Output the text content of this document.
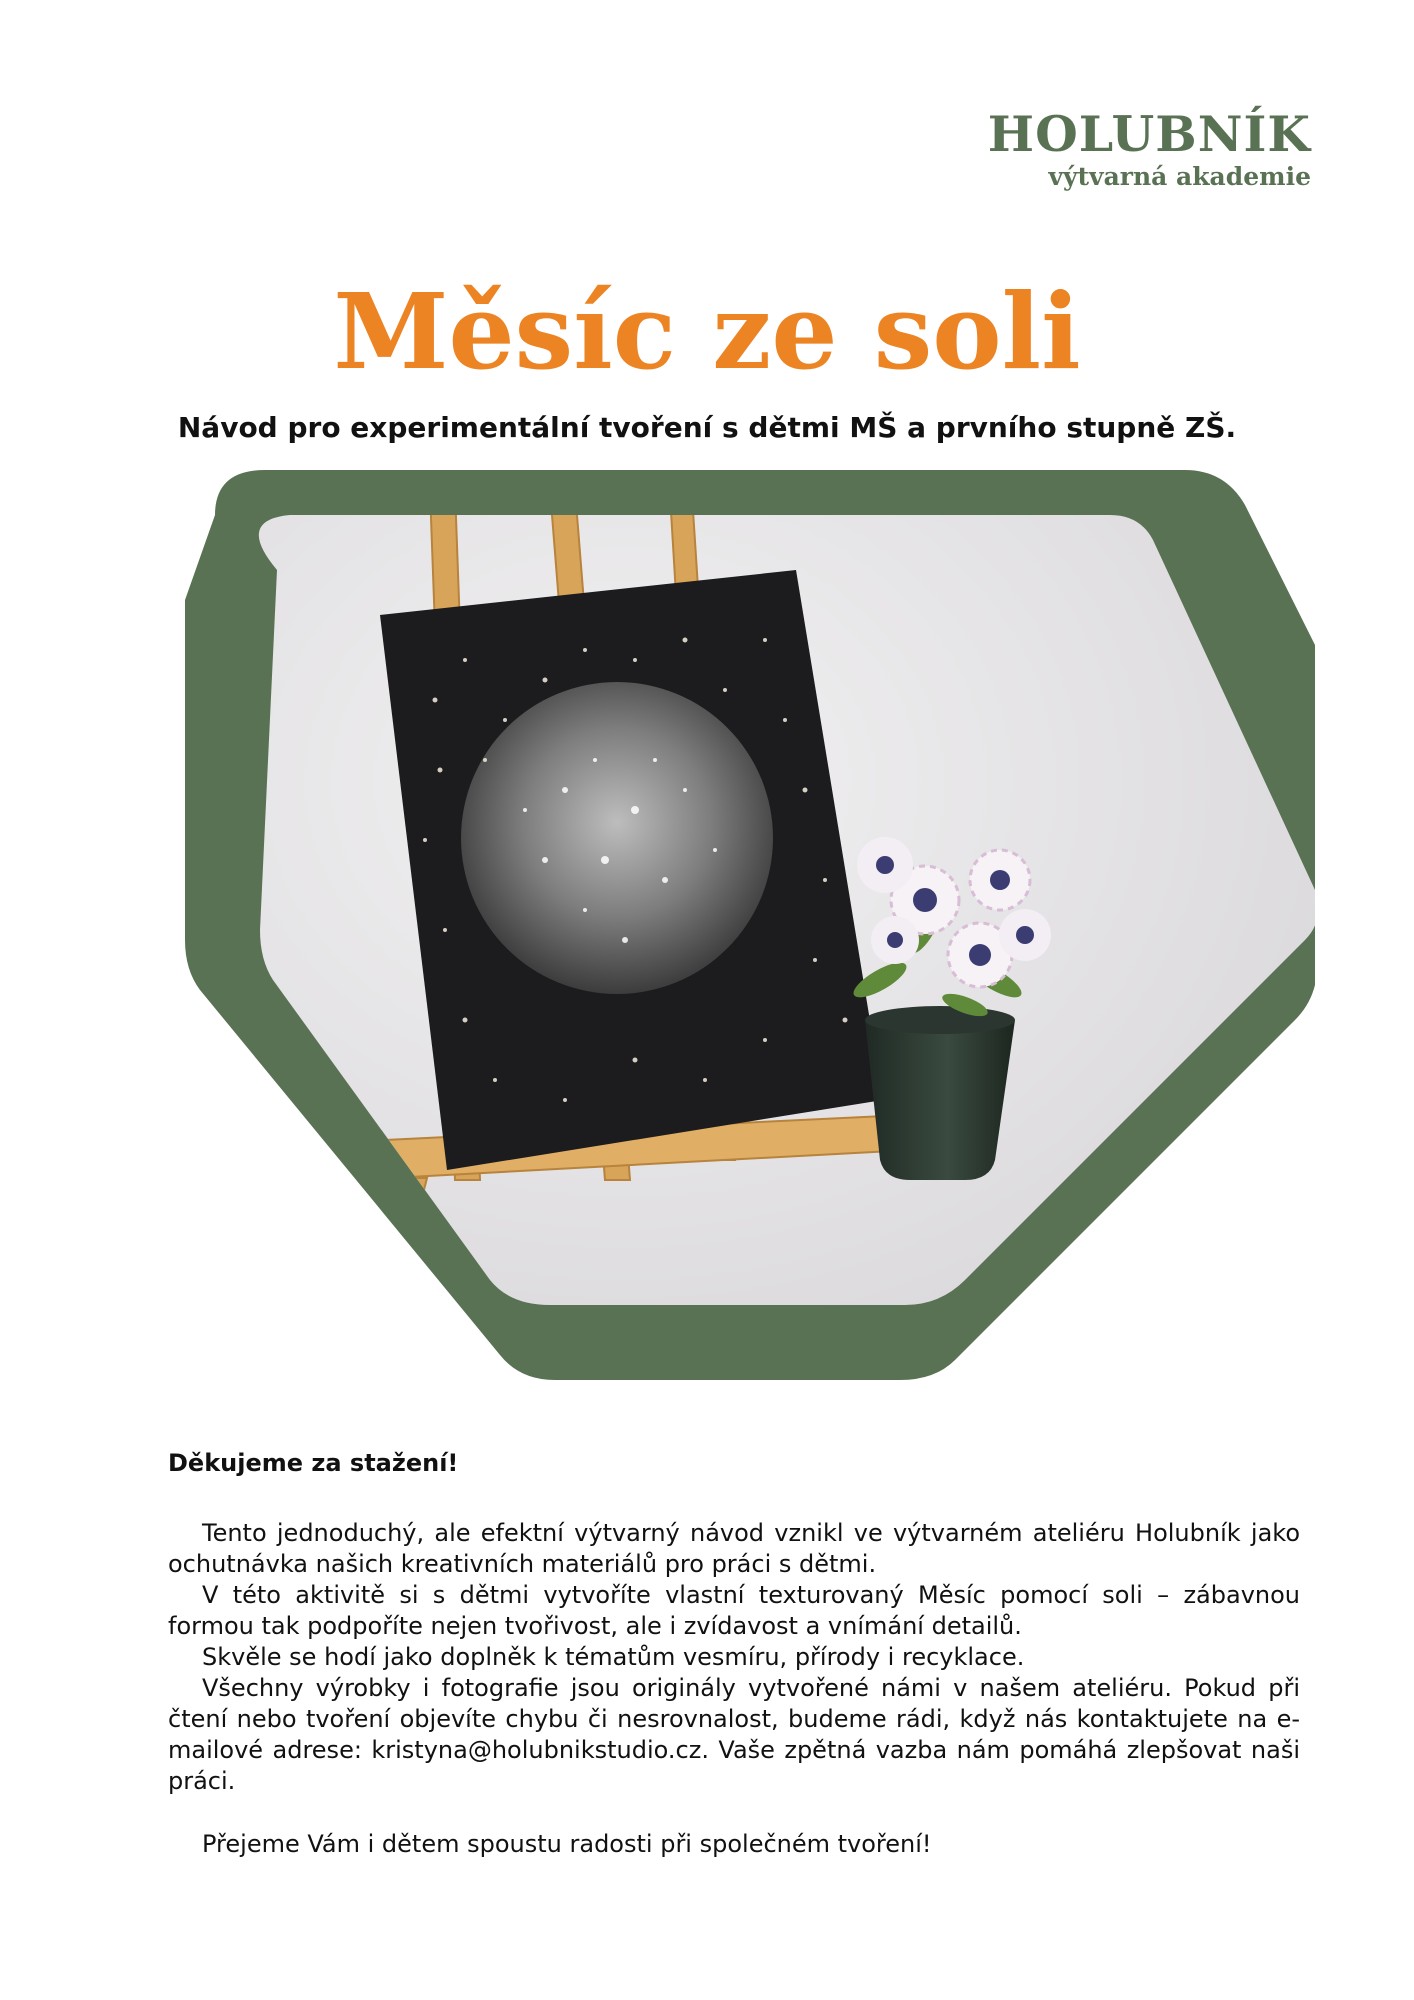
HOLUBNÍK
výtvarná akademie
Měsíc ze soli

Návod pro experimentální tvoření s dětmi MŠ a prvního stupně ZŠ.

Děkujeme za stažení!

Tento jednoduchý, ale efektní výtvarný návod vznikl ve výtvarném ateliéru Holubník jako ochutnávka našich kreativních materiálů pro práci s dětmi.

V této aktivitě si s dětmi vytvoříte vlastní texturovaný Měsíc pomocí soli – zábavnou formou tak podpoříte nejen tvořivost, ale i zvídavost a vnímání detailů.

Skvěle se hodí jako doplněk k tématům vesmíru, přírody i recyklace.

Všechny výrobky i fotografie jsou originály vytvořené námi v našem ateliéru. Pokud při čtení nebo tvoření objevíte chybu či nesrovnalost, budeme rádi, když nás kontaktujete na e-mailové adrese: kristyna@holubnikstudio.cz. Vaše zpětná vazba nám pomáhá zlepšovat naši práci.

Přejeme Vám i dětem spoustu radosti při společném tvoření!
